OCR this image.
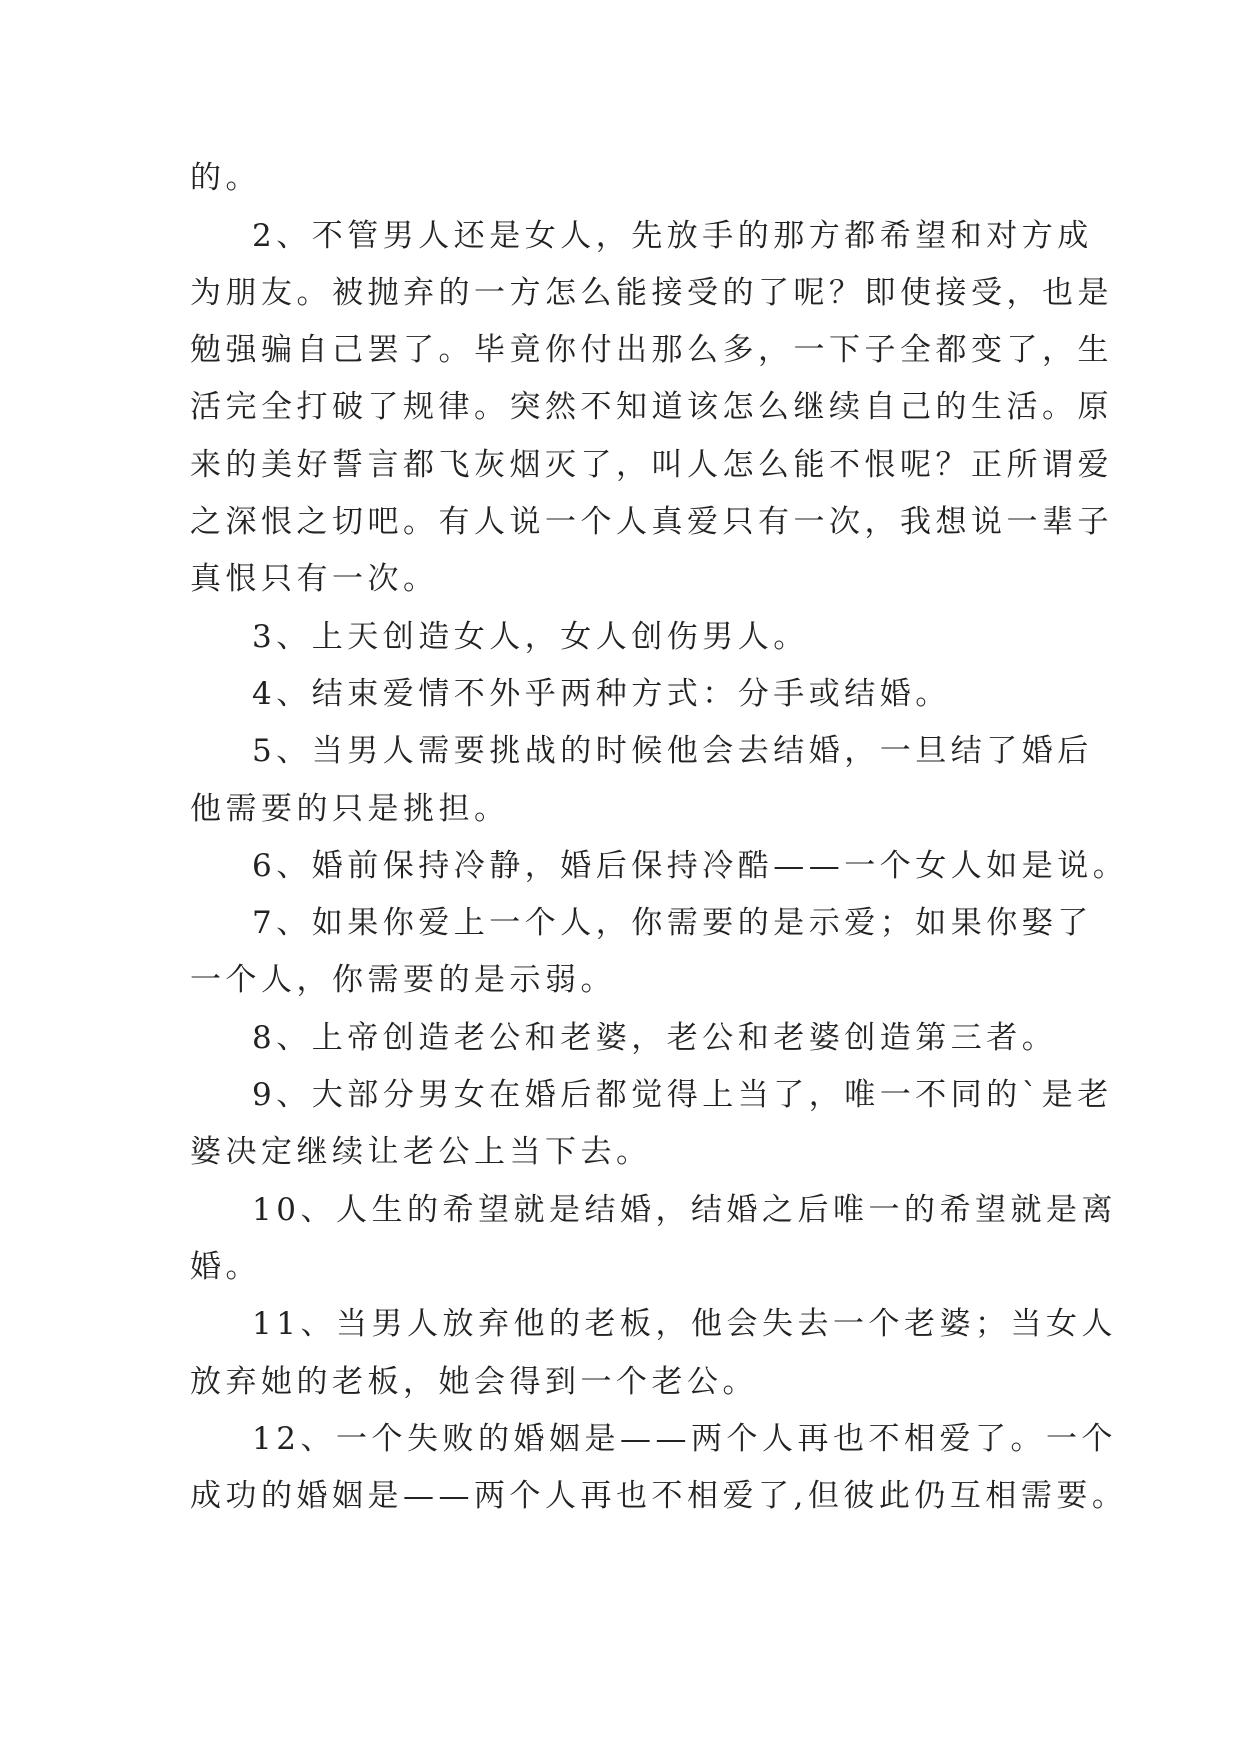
的。
2、不管男人还是女人，先放手的那方都希望和对方成
为朋友。被抛弃的一方怎么能接受的了呢？即使接受，也是
勉强骗自己罢了。毕竟你付出那么多，一下子全都变了，生
活完全打破了规律。突然不知道该怎么继续自己的生活。原
来的美好誓言都飞灰烟灭了，叫人怎么能不恨呢？正所谓爱
之深恨之切吧。有人说一个人真爱只有一次，我想说一辈子
真恨只有一次。
3、上天创造女人，女人创伤男人。
4、结束爱情不外乎两种方式：分手或结婚。
5、当男人需要挑战的时候他会去结婚，一旦结了婚后
他需要的只是挑担。
6、婚前保持冷静，婚后保持冷酷——一个女人如是说。
7、如果你爱上一个人，你需要的是示爱；如果你娶了
一个人，你需要的是示弱。
8、上帝创造老公和老婆，老公和老婆创造第三者。
9、大部分男女在婚后都觉得上当了，唯一不同的`是老
婆决定继续让老公上当下去。
10、人生的希望就是结婚，结婚之后唯一的希望就是离
婚。
11、当男人放弃他的老板，他会失去一个老婆；当女人
放弃她的老板，她会得到一个老公。
12、一个失败的婚姻是——两个人再也不相爱了。一个
成功的婚姻是——两个人再也不相爱了,但彼此仍互相需要。
